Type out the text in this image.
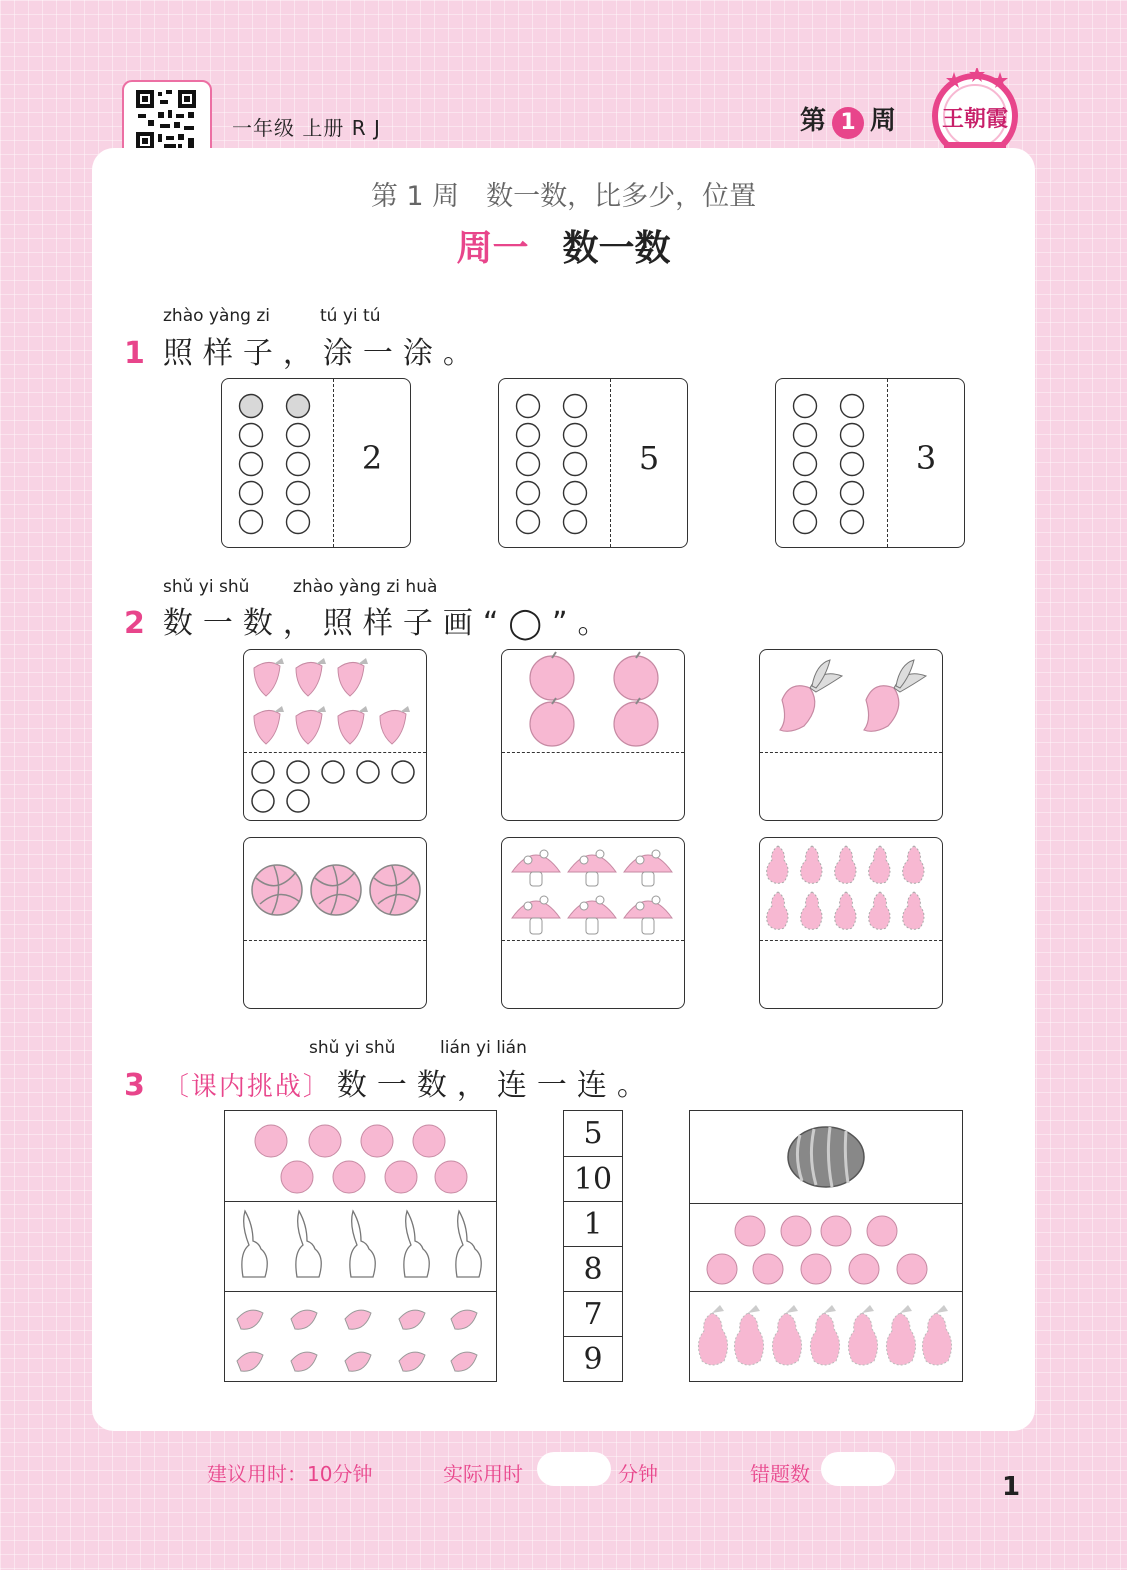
一年级 上册 R J	第 1 周 王朝霞
第 1 周　数一数，比多少，位置
周一 数一数
zhào yàng zi	tú yi tú
1 照样子，涂一涂。
2	5	3
shǔ yi shǔ	zhào yàng zi huà
2 数一数，照样子画“◯”。
shǔ yi shǔ	lián yi lián
3 〔课内挑战〕 数一数，连一连。
5
10
1
8
7
9
建议用时：10分钟	实际用时	分钟	错题数	1
